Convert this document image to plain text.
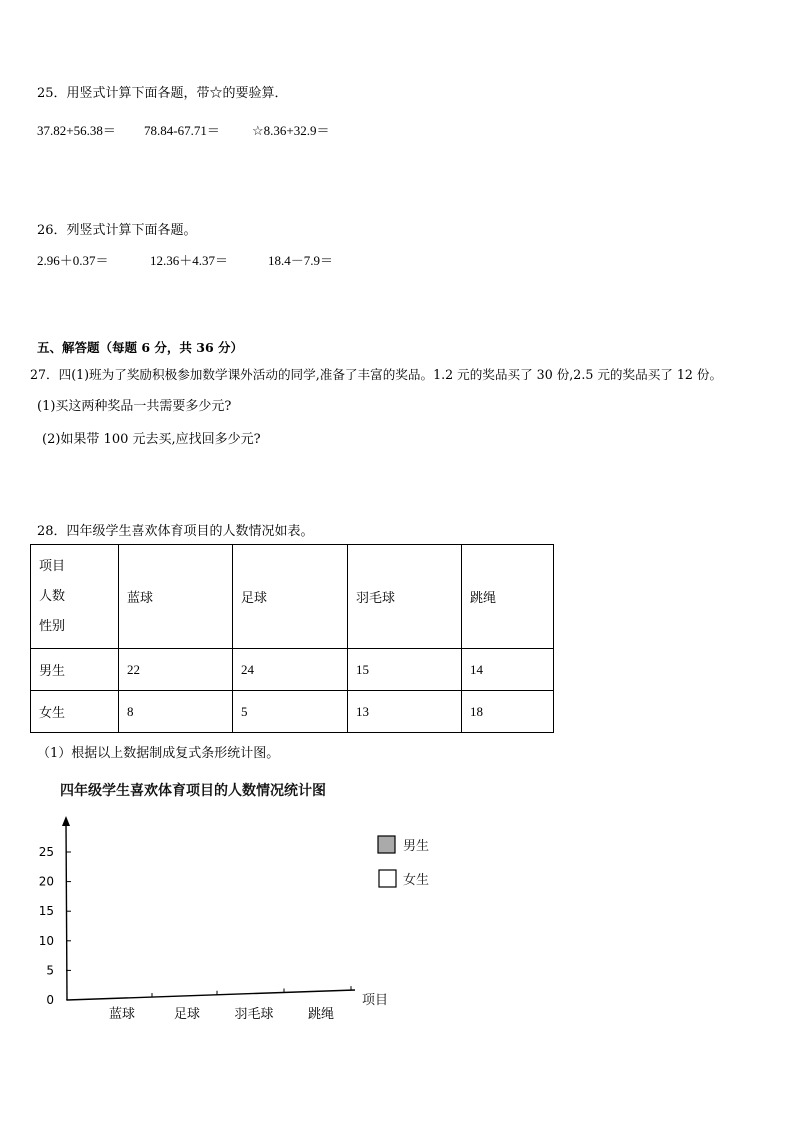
25．用竖式计算下面各题，带☆的要验算．
37.82+56.38＝ 78.84-67.71＝ ☆8.36+32.9＝
26．列竖式计算下面各题。
2.96＋0.37＝	12.36＋4.37＝	18.4－7.9＝
五、解答题（每题 6 分，共 36 分）
27．四(1)班为了奖励积极参加数学课外活动的同学,准备了丰富的奖品。1.2 元的奖品买了 30 份,2.5 元的奖品买了 12 份。
(1)买这两种奖品一共需要多少元?
(2)如果带 100 元去买,应找回多少元?
28．四年级学生喜欢体育项目的人数情况如表。
项目
人数
性别	蓝球	足球	羽毛球	跳绳
男生	22	24	15	14
女生	8	5	13	18
（1）根据以上数据制成复式条形统计图。
四年级学生喜欢体育项目的人数情况统计图
0
5
10
15
20
25
蓝球	足球	羽毛球	跳绳
项目
男生
女生
